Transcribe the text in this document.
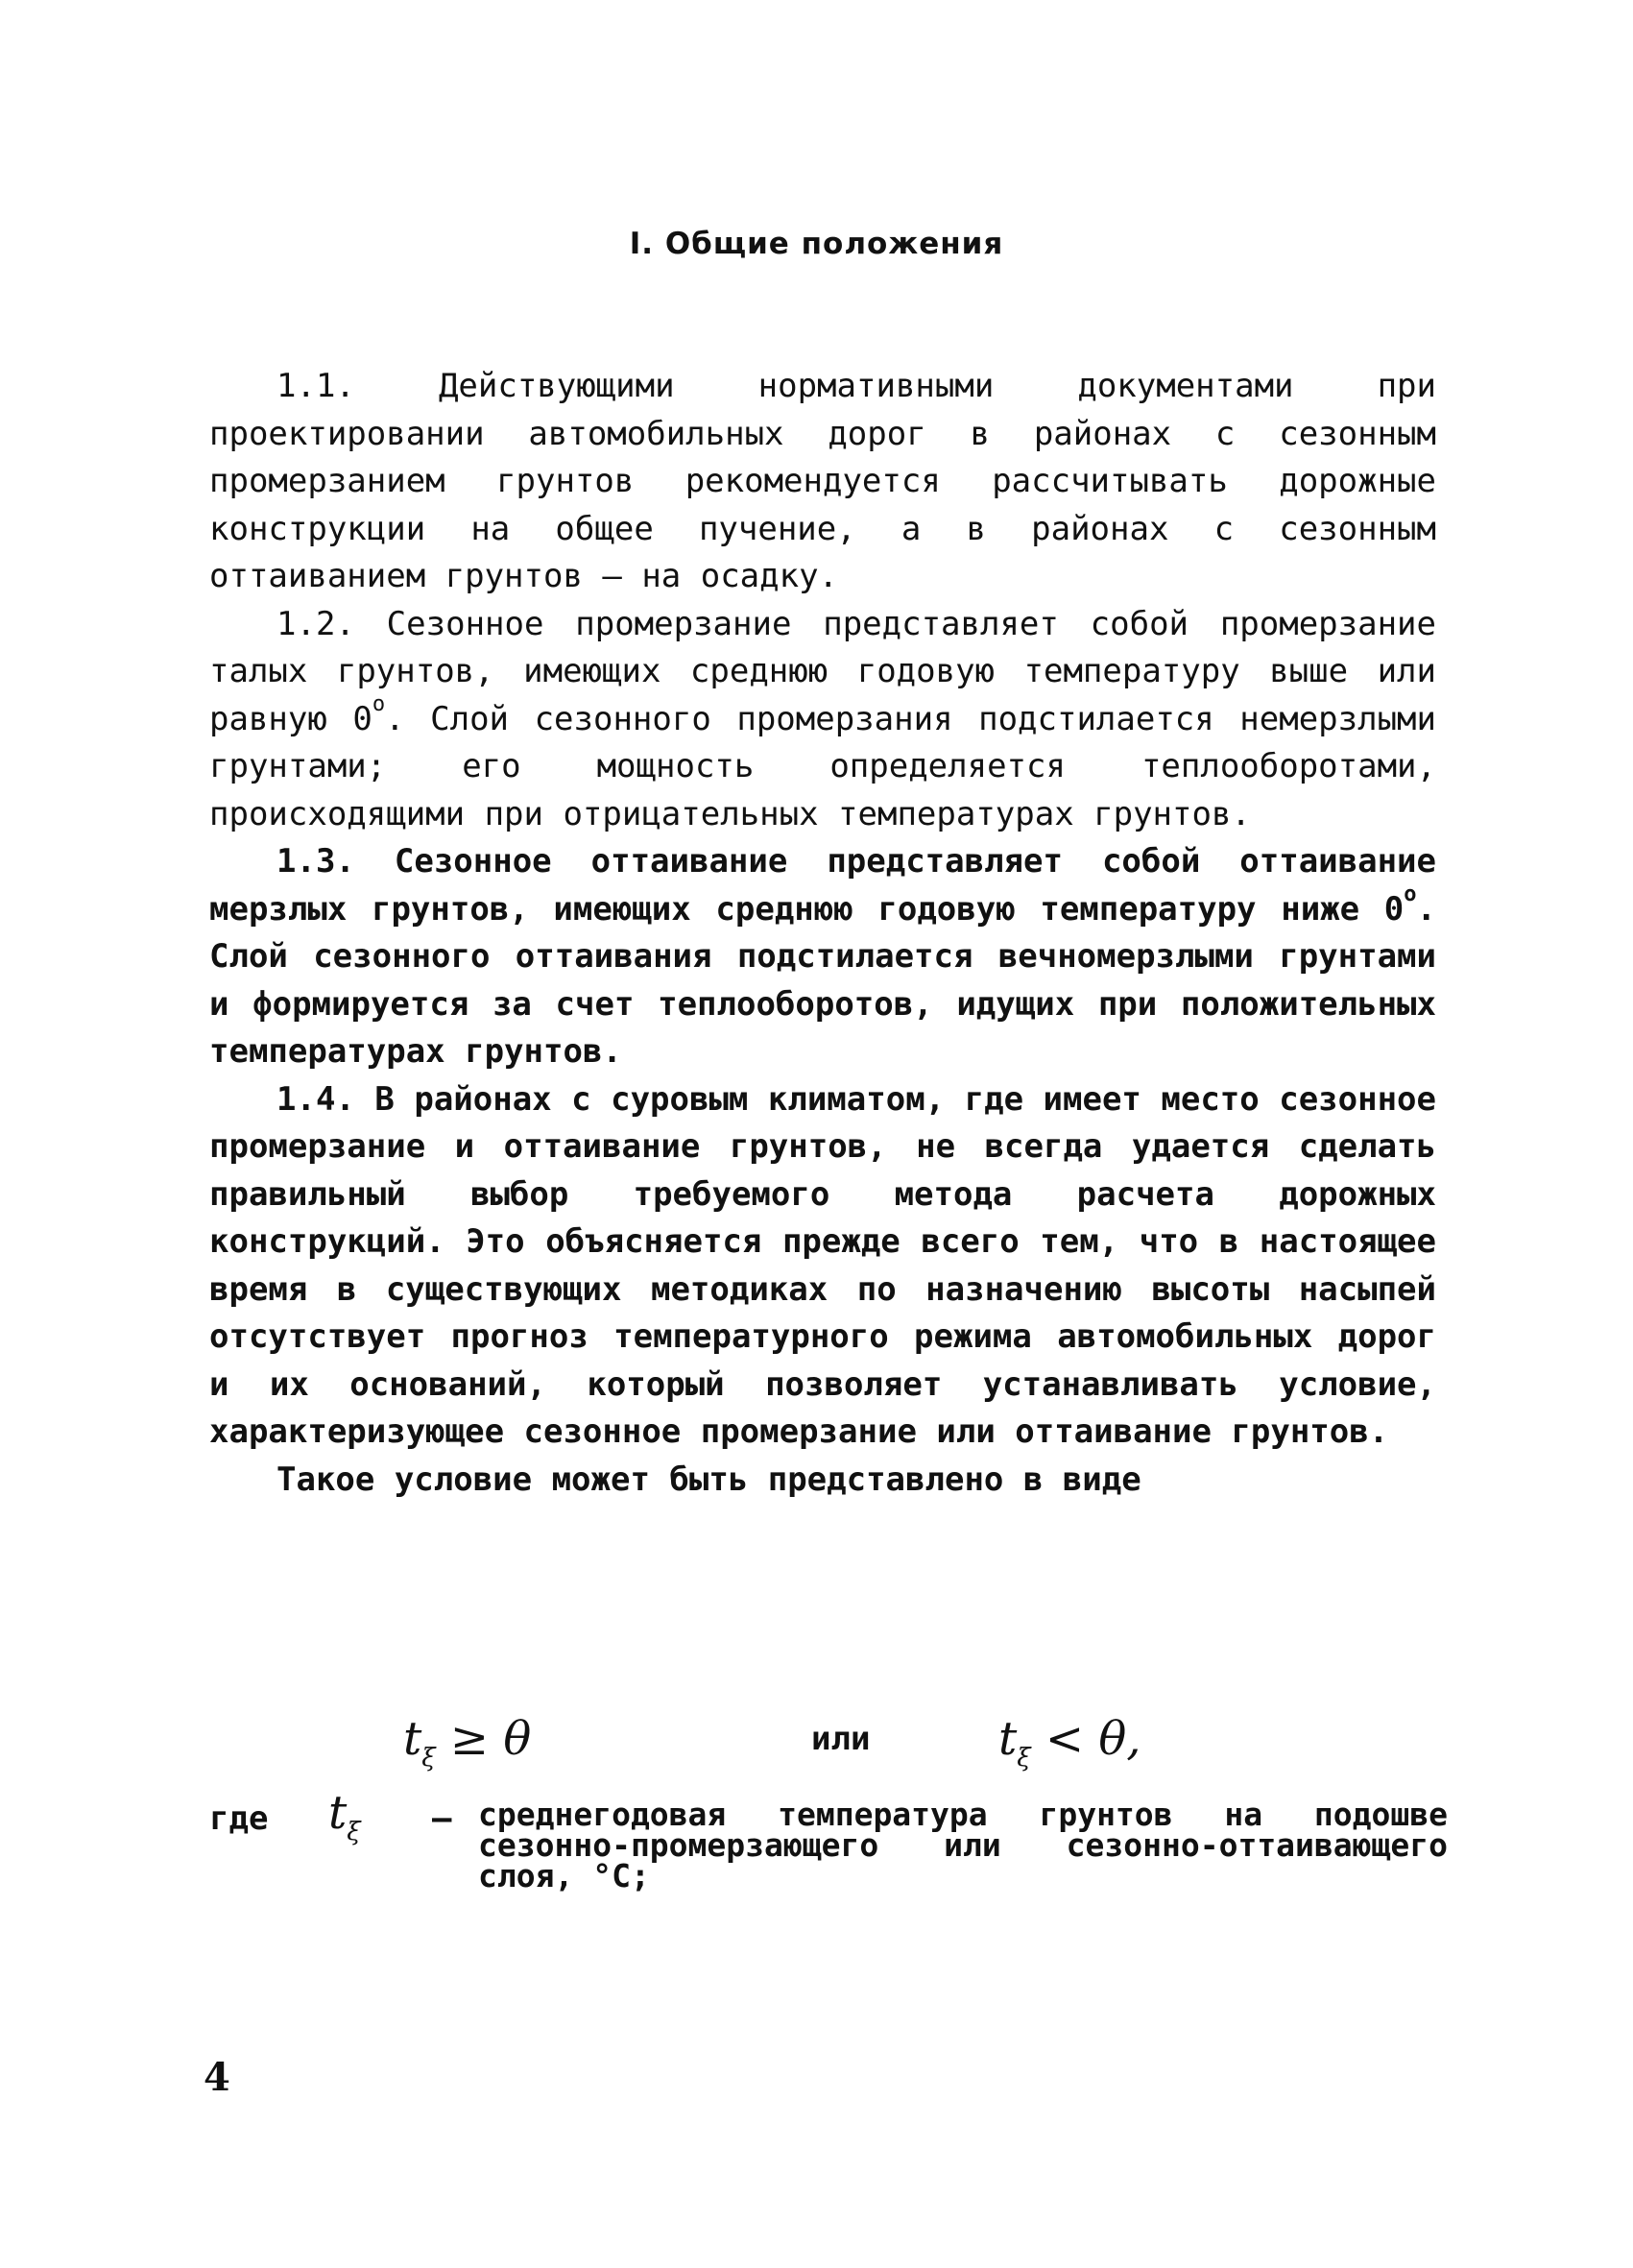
I. Общие положения

1.1. Действующими нормативными документами при проектировании автомобильных дорог в районах с сезонным промерзанием грунтов рекомендуется рассчитывать дорожные конструкции на общее пучение, а в районах с сезонным оттаиванием грунтов – на осадку.

1.2. Сезонное промерзание представляет собой промерзание талых грунтов, имеющих среднюю годовую температуру выше или равную $0^о$. Слой сезонного промерзания подстилается немерзлыми грунтами; его мощность определяется теплооборотами, происходящими при отрицательных температурах грунтов.

1.3. Сезонное оттаивание представляет собой оттаивание мерзлых грунтов, имеющих среднюю годовую температуру ниже $0^о$. Слой сезонного оттаивания подстилается вечномерзлыми грунтами и формируется за счет теплооборотов, идущих при положительных температурах грунтов.

1.4. В районах с суровым климатом, где имеет место сезонное промерзание и оттаивание грунтов, не всегда удается сделать правильный выбор требуемого метода расчета дорожных конструкций. Это объясняется прежде всего тем, что в настоящее время в существующих методиках по назначению высоты насыпей отсутствует прогноз температурного режима автомобильных дорог и их оснований, который позволяет устанавливать условие, характеризующее сезонное промерзание или оттаивание грунтов.

Такое условие может быть представлено в виде

$t_\xi \ge \theta$	или	$t_\xi < \theta$,
где $t_\xi$ – среднегодовая температура грунтов на подошве сезонно-промерзающего или сезонно-оттаивающего слоя, °С;
4
